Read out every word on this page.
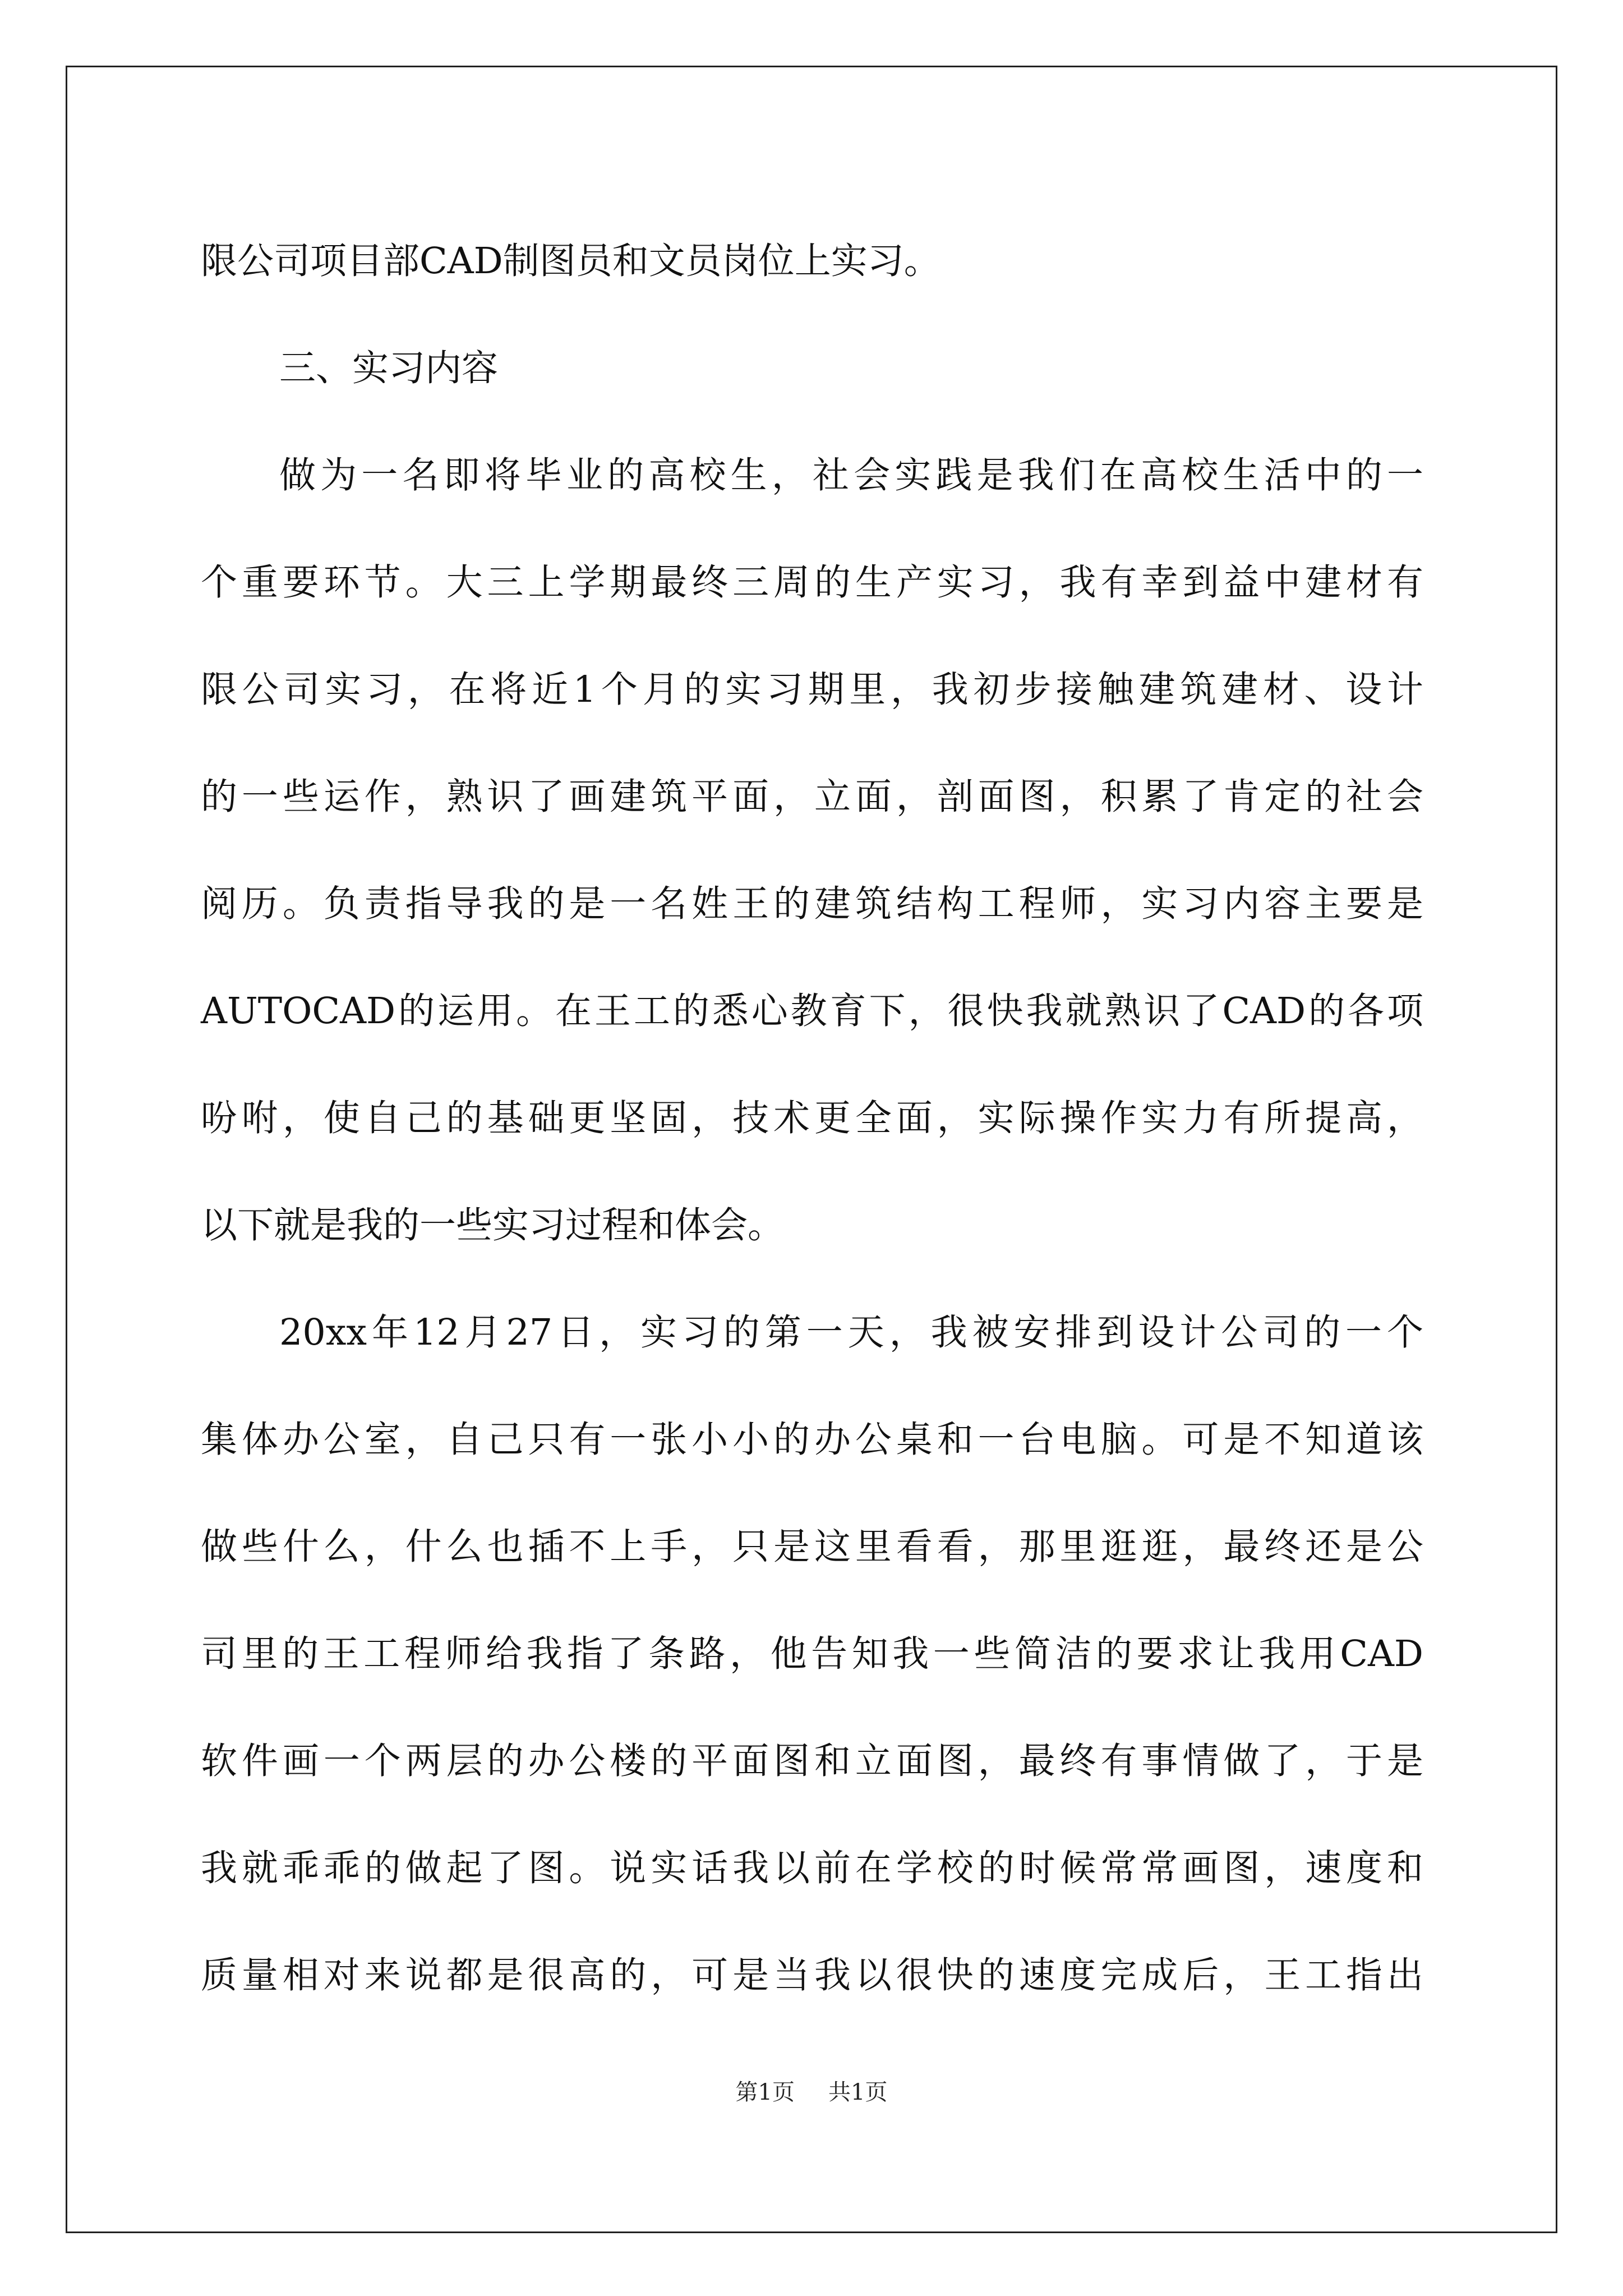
限公司项目部CAD制图员和文员岗位上实习。
三、实习内容
做为一名即将毕业的高校生，社会实践是我们在高校生活中的一
个重要环节。大三上学期最终三周的生产实习，我有幸到益中建材有
限公司实习，在将近1个月的实习期里，我初步接触建筑建材、设计
的一些运作，熟识了画建筑平面，立面，剖面图，积累了肯定的社会
阅历。负责指导我的是一名姓王的建筑结构工程师，实习内容主要是
AUTOCAD的运用。在王工的悉心教育下，很快我就熟识了CAD的各项
吩咐，使自己的基础更坚固，技术更全面，实际操作实力有所提高，
以下就是我的一些实习过程和体会。
20xx年12月27日，实习的第一天，我被安排到设计公司的一个
集体办公室，自己只有一张小小的办公桌和一台电脑。可是不知道该
做些什么，什么也插不上手，只是这里看看，那里逛逛，最终还是公
司里的王工程师给我指了条路，他告知我一些简洁的要求让我用CAD
软件画一个两层的办公楼的平面图和立面图，最终有事情做了，于是
我就乖乖的做起了图。说实话我以前在学校的时候常常画图，速度和
质量相对来说都是很高的，可是当我以很快的速度完成后，王工指出
第1页 共1页
